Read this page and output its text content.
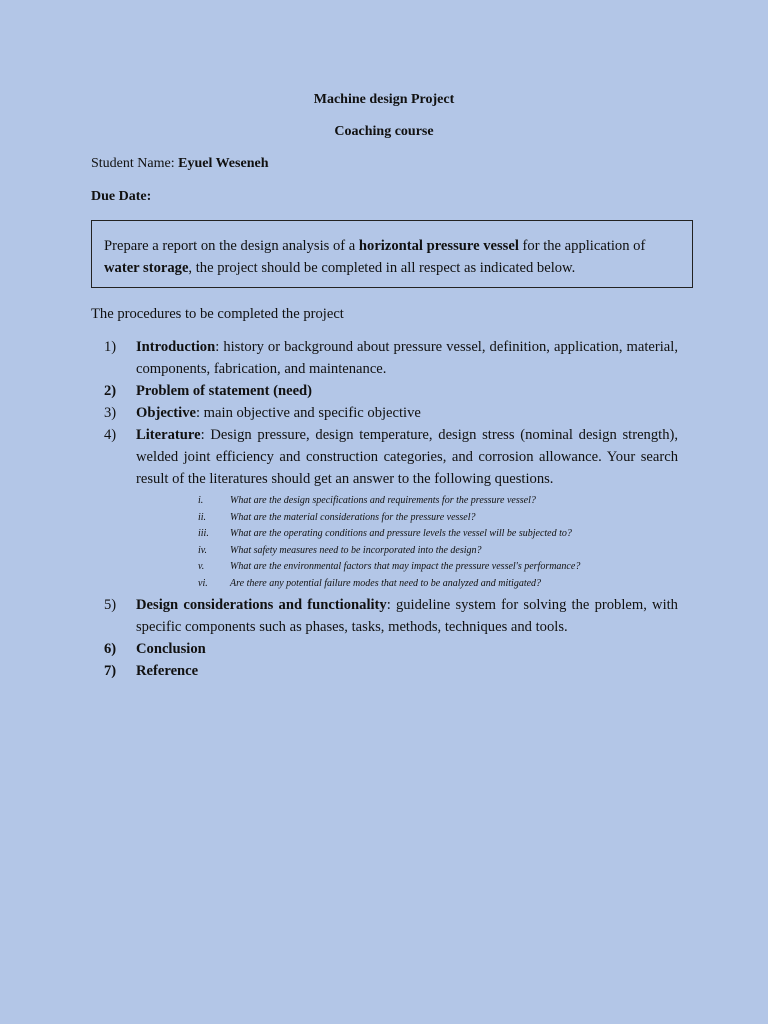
Machine design Project
Coaching course
Student Name: Eyuel Weseneh
Due Date:
Prepare a report on the design analysis of a horizontal pressure vessel for the application of water storage, the project should be completed in all respect as indicated below.
The procedures to be completed the project
1)	Introduction: history or background about pressure vessel, definition, application, material, components, fabrication, and maintenance.
2)	Problem of statement (need)
3)	Objective: main objective and specific objective
4)	Literature: Design pressure, design temperature, design stress (nominal design strength), welded joint efficiency and construction categories, and corrosion allowance. Your search result of the literatures should get an answer to the following questions.
i.	What are the design specifications and requirements for the pressure vessel?
ii.	What are the material considerations for the pressure vessel?
iii.	What are the operating conditions and pressure levels the vessel will be subjected to?
iv.	What safety measures need to be incorporated into the design?
v.	What are the environmental factors that may impact the pressure vessel's performance?
vi.	Are there any potential failure modes that need to be analyzed and mitigated?
5)	Design considerations and functionality: guideline system for solving the problem, with specific components such as phases, tasks, methods, techniques and tools.
6)	Conclusion
7)	Reference
